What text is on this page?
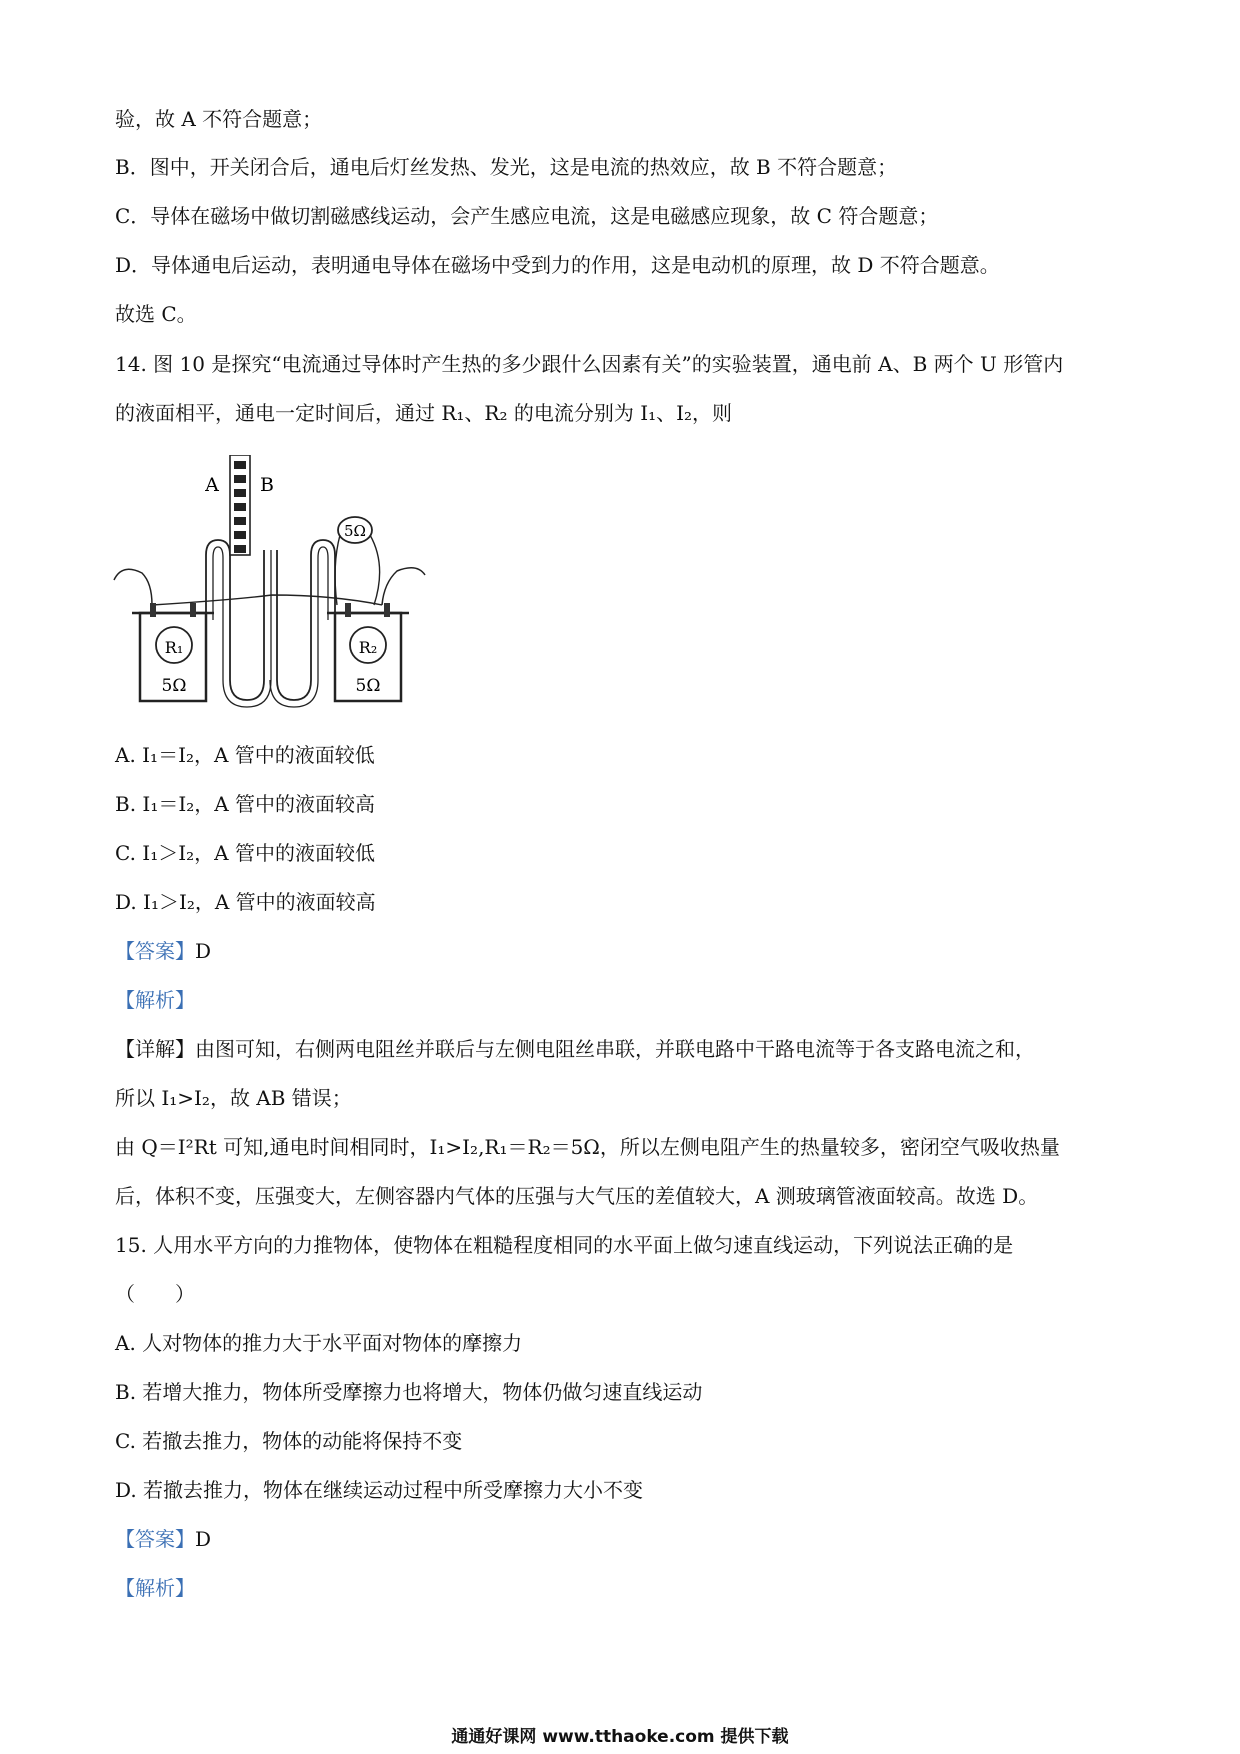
验，故 A 不符合题意；
B．图中，开关闭合后，通电后灯丝发热、发光，这是电流的热效应，故 B 不符合题意；
C．导体在磁场中做切割磁感线运动，会产生感应电流，这是电磁感应现象，故 C 符合题意；
D．导体通电后运动，表明通电导体在磁场中受到力的作用，这是电动机的原理，故 D 不符合题意。
故选 C。
14. 图 10 是探究“电流通过导体时产生热的多少跟什么因素有关”的实验装置，通电前 A、B 两个 U 形管内
的液面相平，通电一定时间后，通过 R₁、R₂ 的电流分别为 I₁、I₂，则
R₁
5Ω
R₂
5Ω
5Ω
A B
A. I₁＝I₂，A 管中的液面较低
B. I₁＝I₂，A 管中的液面较高
C. I₁＞I₂，A 管中的液面较低
D. I₁＞I₂，A 管中的液面较高
【答案】D
【解析】
【详解】由图可知，右侧两电阻丝并联后与左侧电阻丝串联，并联电路中干路电流等于各支路电流之和，
所以 I₁>I₂，故 AB 错误；
由 Q＝I²Rt 可知,通电时间相同时，I₁>I₂,R₁＝R₂＝5Ω，所以左侧电阻产生的热量较多，密闭空气吸收热量
后，体积不变，压强变大，左侧容器内气体的压强与大气压的差值较大，A 测玻璃管液面较高。故选 D。
15. 人用水平方向的力推物体，使物体在粗糙程度相同的水平面上做匀速直线运动，下列说法正确的是
（　　）
A. 人对物体的推力大于水平面对物体的摩擦力
B. 若增大推力，物体所受摩擦力也将增大，物体仍做匀速直线运动
C. 若撤去推力，物体的动能将保持不变
D. 若撤去推力，物体在继续运动过程中所受摩擦力大小不变
【答案】D
【解析】
通通好课网 www.tthaoke.com 提供下载
